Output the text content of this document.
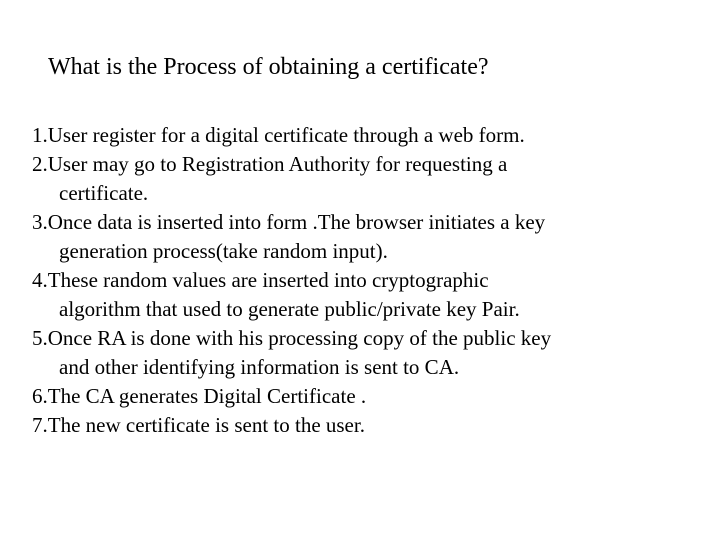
What is the Process of obtaining a certificate?
1.User register for a digital certificate through a web form.
2.User may go to Registration Authority for requesting a
certificate.
3.Once data is inserted into form .The browser initiates a key
generation process(take random input).
4.These random values are inserted into cryptographic
algorithm that used to generate public/private key Pair.
5.Once RA is done with his processing copy of the public key
and other identifying information is sent to CA.
6.The CA generates Digital Certificate .
7.The new certificate is sent to the user.
